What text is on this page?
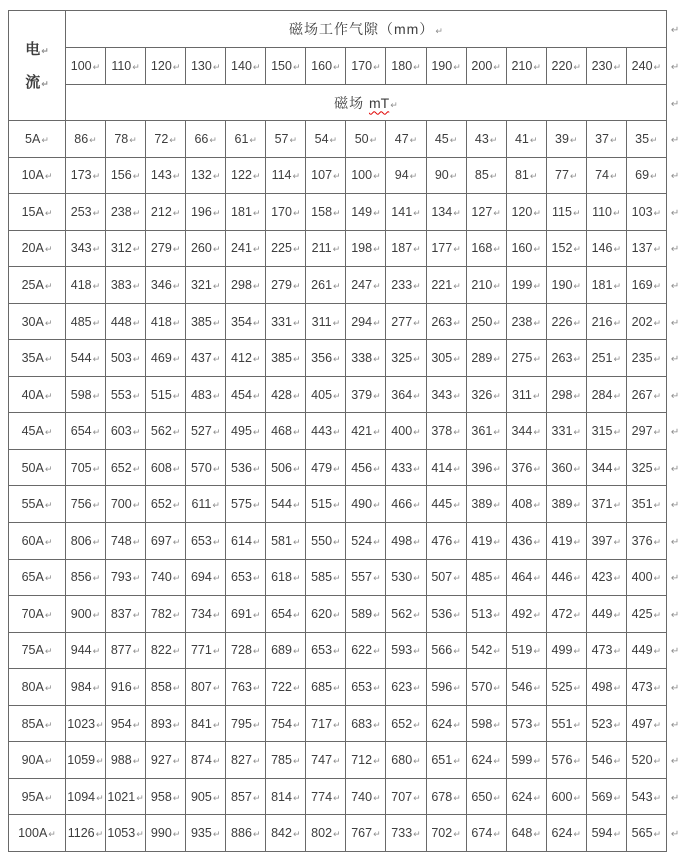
电↵
流↵	磁场工作气隙（mm）↵															↵
	100↵	110↵	120↵	130↵	140↵	150↵	160↵	170↵	180↵	190↵	200↵	210↵	220↵	230↵	240↵	↵
	磁场 mT↵															↵
5A↵	86↵	78↵	72↵	66↵	61↵	57↵	54↵	50↵	47↵	45↵	43↵	41↵	39↵	37↵	35↵	↵
10A↵	173↵	156↵	143↵	132↵	122↵	114↵	107↵	100↵	94↵	90↵	85↵	81↵	77↵	74↵	69↵	↵
15A↵	253↵	238↵	212↵	196↵	181↵	170↵	158↵	149↵	141↵	134↵	127↵	120↵	115↵	110↵	103↵	↵
20A↵	343↵	312↵	279↵	260↵	241↵	225↵	211↵	198↵	187↵	177↵	168↵	160↵	152↵	146↵	137↵	↵
25A↵	418↵	383↵	346↵	321↵	298↵	279↵	261↵	247↵	233↵	221↵	210↵	199↵	190↵	181↵	169↵	↵
30A↵	485↵	448↵	418↵	385↵	354↵	331↵	311↵	294↵	277↵	263↵	250↵	238↵	226↵	216↵	202↵	↵
35A↵	544↵	503↵	469↵	437↵	412↵	385↵	356↵	338↵	325↵	305↵	289↵	275↵	263↵	251↵	235↵	↵
40A↵	598↵	553↵	515↵	483↵	454↵	428↵	405↵	379↵	364↵	343↵	326↵	311↵	298↵	284↵	267↵	↵
45A↵	654↵	603↵	562↵	527↵	495↵	468↵	443↵	421↵	400↵	378↵	361↵	344↵	331↵	315↵	297↵	↵
50A↵	705↵	652↵	608↵	570↵	536↵	506↵	479↵	456↵	433↵	414↵	396↵	376↵	360↵	344↵	325↵	↵
55A↵	756↵	700↵	652↵	611↵	575↵	544↵	515↵	490↵	466↵	445↵	389↵	408↵	389↵	371↵	351↵	↵
60A↵	806↵	748↵	697↵	653↵	614↵	581↵	550↵	524↵	498↵	476↵	419↵	436↵	419↵	397↵	376↵	↵
65A↵	856↵	793↵	740↵	694↵	653↵	618↵	585↵	557↵	530↵	507↵	485↵	464↵	446↵	423↵	400↵	↵
70A↵	900↵	837↵	782↵	734↵	691↵	654↵	620↵	589↵	562↵	536↵	513↵	492↵	472↵	449↵	425↵	↵
75A↵	944↵	877↵	822↵	771↵	728↵	689↵	653↵	622↵	593↵	566↵	542↵	519↵	499↵	473↵	449↵	↵
80A↵	984↵	916↵	858↵	807↵	763↵	722↵	685↵	653↵	623↵	596↵	570↵	546↵	525↵	498↵	473↵	↵
85A↵	1023↵	954↵	893↵	841↵	795↵	754↵	717↵	683↵	652↵	624↵	598↵	573↵	551↵	523↵	497↵	↵
90A↵	1059↵	988↵	927↵	874↵	827↵	785↵	747↵	712↵	680↵	651↵	624↵	599↵	576↵	546↵	520↵	↵
95A↵	1094↵	1021↵	958↵	905↵	857↵	814↵	774↵	740↵	707↵	678↵	650↵	624↵	600↵	569↵	543↵	↵
100A↵	1126↵	1053↵	990↵	935↵	886↵	842↵	802↵	767↵	733↵	702↵	674↵	648↵	624↵	594↵	565↵	↵
